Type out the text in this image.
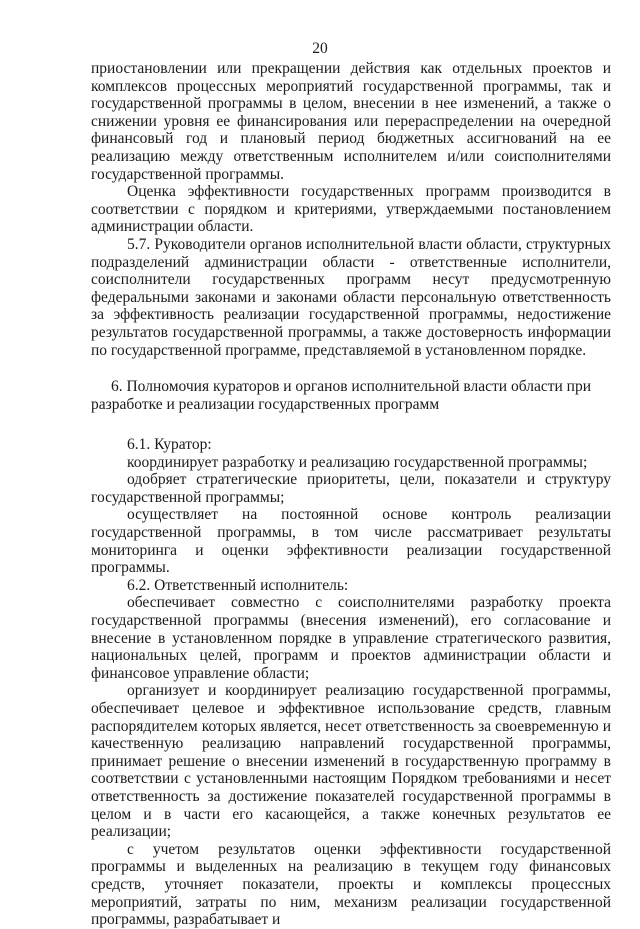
20

приостановлении или прекращении действия как отдельных проектов и комплексов процессных мероприятий государственной программы, так и государственной программы в целом, внесении в нее изменений, а также о снижении уровня ее финансирования или перераспределении на очередной финансовый год и плановый период бюджетных ассигнований на ее реализацию между ответственным исполнителем и/или соисполнителями государственной программы.

Оценка эффективности государственных программ производится в соответствии с порядком и критериями, утверждаемыми постановлением администрации области.

5.7. Руководители органов исполнительной власти области, структурных подразделений администрации области - ответственные исполнители, соисполнители государственных программ несут предусмотренную федеральными законами и законами области персональную ответственность за эффективность реализации государственной программы, недостижение результатов государственной программы, а также достоверность информации по государственной программе, представляемой в установленном порядке.

6. Полномочия кураторов и органов исполнительной власти области при разработке и реализации государственных программ

6.1. Куратор:

координирует разработку и реализацию государственной программы;

одобряет стратегические приоритеты, цели, показатели и структуру государственной программы;

осуществляет на постоянной основе контроль реализации государственной программы, в том числе рассматривает результаты мониторинга и оценки эффективности реализации государственной программы.

6.2. Ответственный исполнитель:

обеспечивает совместно с соисполнителями разработку проекта государственной программы (внесения изменений), его согласование и внесение в установленном порядке в управление стратегического развития, национальных целей, программ и проектов администрации области и финансовое управление области;

организует и координирует реализацию государственной программы, обеспечивает целевое и эффективное использование средств, главным распорядителем которых является, несет ответственность за своевременную и качественную реализацию направлений государственной программы, принимает решение о внесении изменений в государственную программу в соответствии с установленными настоящим Порядком требованиями и несет ответственность за достижение показателей государственной программы в целом и в части его касающейся, а также конечных результатов ее реализации;

с учетом результатов оценки эффективности государственной программы и выделенных на реализацию в текущем году финансовых средств, уточняет показатели, проекты и комплексы процессных мероприятий, затраты по ним, механизм реализации государственной программы, разрабатывает и
